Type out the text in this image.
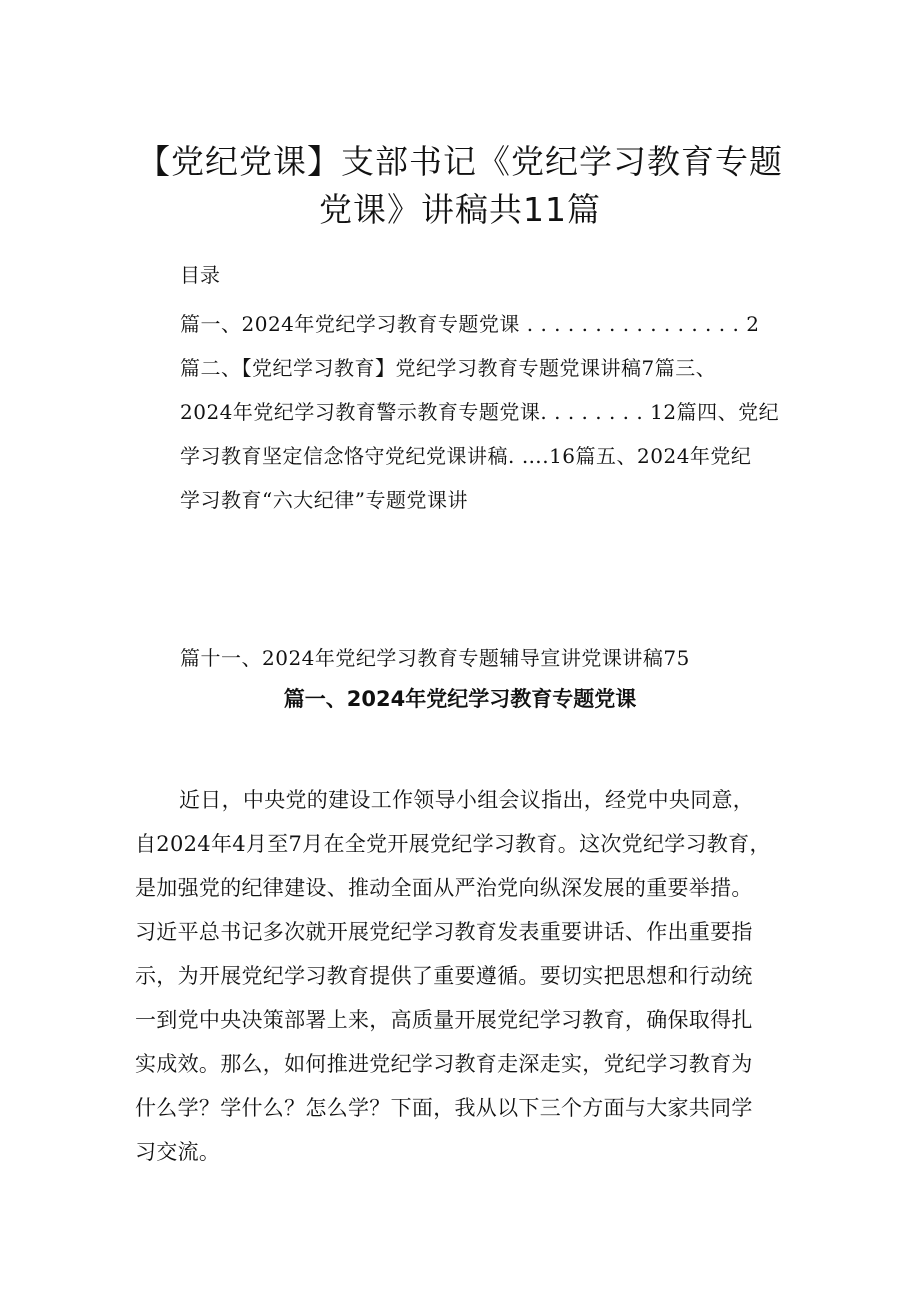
【党纪党课】支部书记《党纪学习教育专题
党课》讲稿共11篇
目录
篇一、2024年党纪学习教育专题党课 . . . . . . . . . . . . . . . . 2
篇二、【党纪学习教育】党纪学习教育专题党课讲稿7篇三、
2024年党纪学习教育警示教育专题党课. . . . . . . . 12篇四、党纪
学习教育坚定信念恪守党纪党课讲稿. ….16篇五、2024年党纪
学习教育“六大纪律”专题党课讲
篇十一、2024年党纪学习教育专题辅导宣讲党课讲稿75
篇一、2024年党纪学习教育专题党课
近日，中央党的建设工作领导小组会议指出，经党中央同意，
自2024年4月至7月在全党开展党纪学习教育。这次党纪学习教育，
是加强党的纪律建设、推动全面从严治党向纵深发展的重要举措。
习近平总书记多次就开展党纪学习教育发表重要讲话、作出重要指
示，为开展党纪学习教育提供了重要遵循。要切实把思想和行动统
一到党中央决策部署上来，高质量开展党纪学习教育，确保取得扎
实成效。那么，如何推进党纪学习教育走深走实，党纪学习教育为
什么学？学什么？怎么学？下面，我从以下三个方面与大家共同学
习交流。
